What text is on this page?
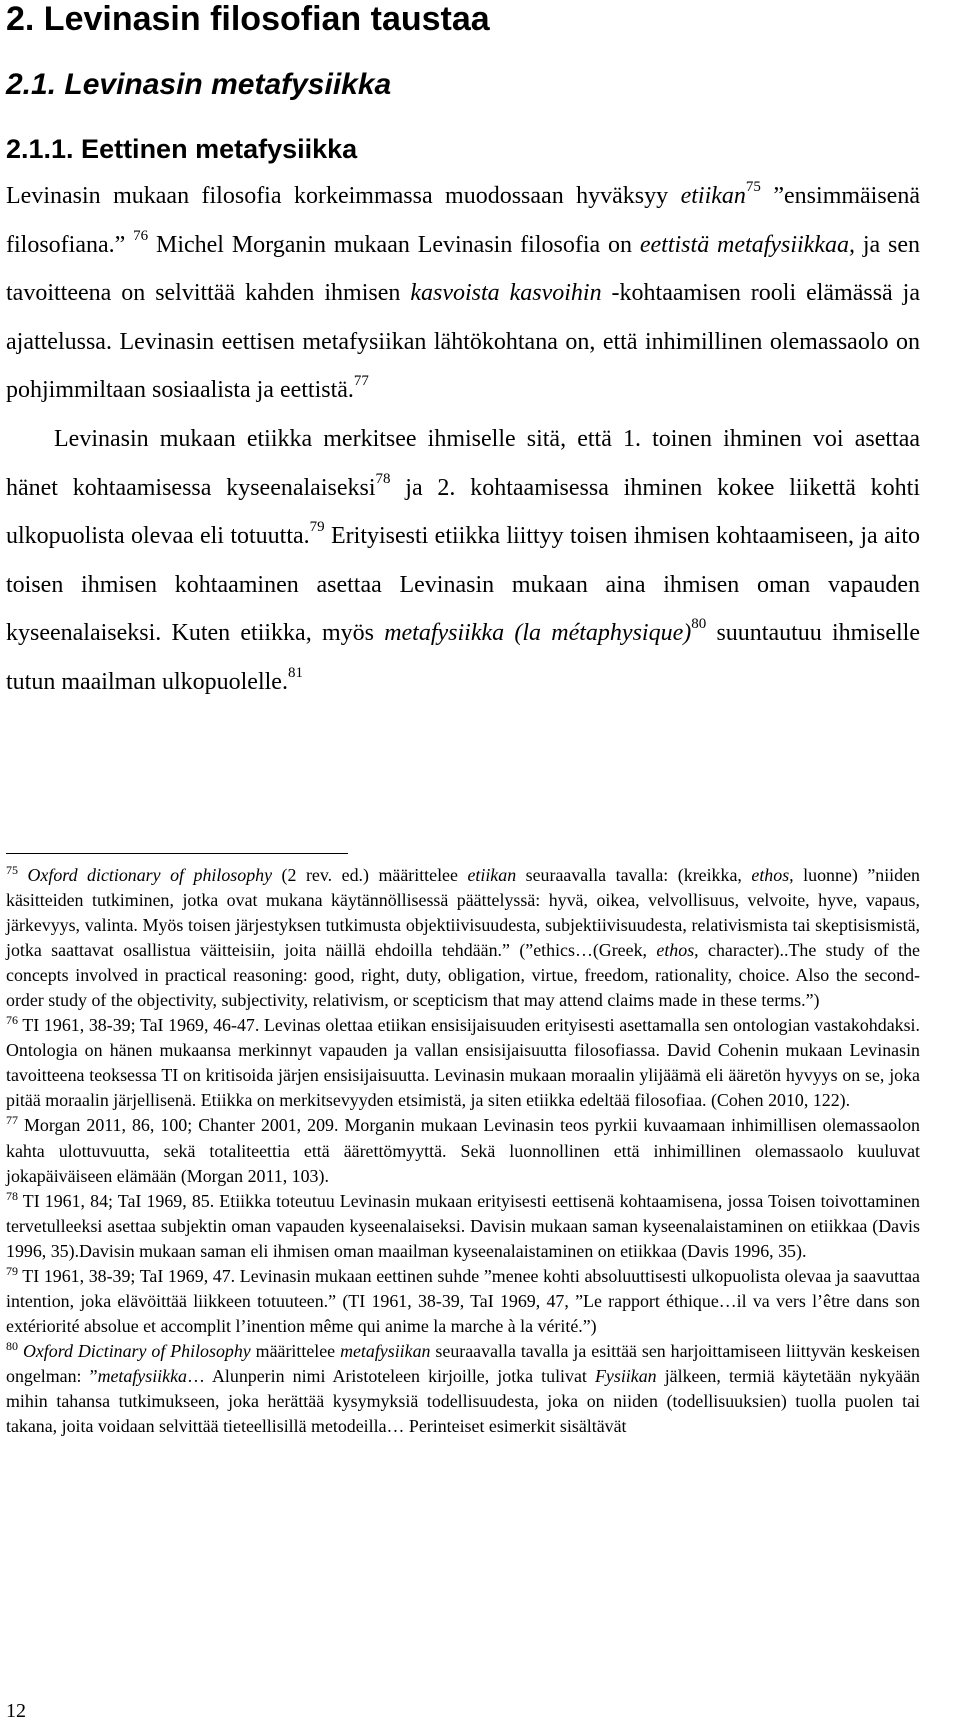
2. Levinasin filosofian taustaa
2.1. Levinasin metafysiikka
2.1.1. Eettinen metafysiikka

Levinasin mukaan filosofia korkeimmassa muodossaan hyväksyy etiikan$^{75}$ ”ensimmäisenä filosofiana.” $^{76}$ Michel Morganin mukaan Levinasin filosofia on eettistä metafysiikkaa, ja sen tavoitteena on selvittää kahden ihmisen kasvoista kasvoihin -kohtaamisen rooli elämässä ja ajattelussa. Levinasin eettisen metafysiikan lähtökohtana on, että inhimillinen olemassaolo on pohjimmiltaan sosiaalista ja eettistä.$^{77}$

Levinasin mukaan etiikka merkitsee ihmiselle sitä, että 1. toinen ihminen voi asettaa hänet kohtaamisessa kyseenalaiseksi$^{78}$ ja 2. kohtaamisessa ihminen kokee liikettä kohti ulkopuolista olevaa eli totuutta.$^{79}$ Erityisesti etiikka liittyy toisen ihmisen kohtaamiseen, ja aito toisen ihmisen kohtaaminen asettaa Levinasin mukaan aina ihmisen oman vapauden kyseenalaiseksi. Kuten etiikka, myös metafysiikka (la métaphysique)$^{80}$ suuntautuu ihmiselle tutun maailman ulkopuolelle.$^{81}$

$^{75}$ Oxford dictionary of philosophy (2 rev. ed.) määrittelee etiikan seuraavalla tavalla: (kreikka, ethos, luonne) ”niiden käsitteiden tutkiminen, jotka ovat mukana käytännöllisessä päättelyssä: hyvä, oikea, velvollisuus, velvoite, hyve, vapaus, järkevyys, valinta. Myös toisen järjestyksen tutkimusta objektiivisuudesta, subjektiivisuudesta, relativismista tai skeptisismistä, jotka saattavat osallistua väitteisiin, joita näillä ehdoilla tehdään.” (”ethics…(Greek, ethos, character)..The study of the concepts involved in practical reasoning: good, right, duty, obligation, virtue, freedom, rationality, choice. Also the second-order study of the objectivity, subjectivity, relativism, or scepticism that may attend claims made in these terms.”)

$^{76}$ TI 1961, 38-39; TaI 1969, 46-47. Levinas olettaa etiikan ensisijaisuuden erityisesti asettamalla sen ontologian vastakohdaksi. Ontologia on hänen mukaansa merkinnyt vapauden ja vallan ensisijaisuutta filosofiassa. David Cohenin mukaan Levinasin tavoitteena teoksessa TI on kritisoida järjen ensisijaisuutta. Levinasin mukaan moraalin ylijäämä eli ääretön hyvyys on se, joka pitää moraalin järjellisenä. Etiikka on merkitsevyyden etsimistä, ja siten etiikka edeltää filosofiaa. (Cohen 2010, 122).

$^{77}$ Morgan 2011, 86, 100; Chanter 2001, 209. Morganin mukaan Levinasin teos pyrkii kuvaamaan inhimillisen olemassaolon kahta ulottuvuutta, sekä totaliteettia että äärettömyyttä. Sekä luonnollinen että inhimillinen olemassaolo kuuluvat jokapäiväiseen elämään (Morgan 2011, 103).

$^{78}$ TI 1961, 84; TaI 1969, 85. Etiikka toteutuu Levinasin mukaan erityisesti eettisenä kohtaamisena, jossa Toisen toivottaminen tervetulleeksi asettaa subjektin oman vapauden kyseenalaiseksi. Davisin mukaan saman kyseenalaistaminen on etiikkaa (Davis 1996, 35).Davisin mukaan saman eli ihmisen oman maailman kyseenalaistaminen on etiikkaa (Davis 1996, 35).

$^{79}$ TI 1961, 38-39; TaI 1969, 47. Levinasin mukaan eettinen suhde ”menee kohti absoluuttisesti ulkopuolista olevaa ja saavuttaa intention, joka elävöittää liikkeen totuuteen.” (TI 1961, 38-39, TaI 1969, 47, ”Le rapport éthique…il va vers l’être dans son extériorité absolue et accomplit l’inention même qui anime la marche à la vérité.”)

$^{80}$ Oxford Dictinary of Philosophy määrittelee metafysiikan seuraavalla tavalla ja esittää sen harjoittamiseen liittyvän keskeisen ongelman: ”metafysiikka… Alunperin nimi Aristoteleen kirjoille, jotka tulivat Fysiikan jälkeen, termiä käytetään nykyään mihin tahansa tutkimukseen, joka herättää kysymyksiä todellisuudesta, joka on niiden (todellisuuksien) tuolla puolen tai takana, joita voidaan selvittää tieteellisillä metodeilla… Perinteiset esimerkit sisältävät

12
